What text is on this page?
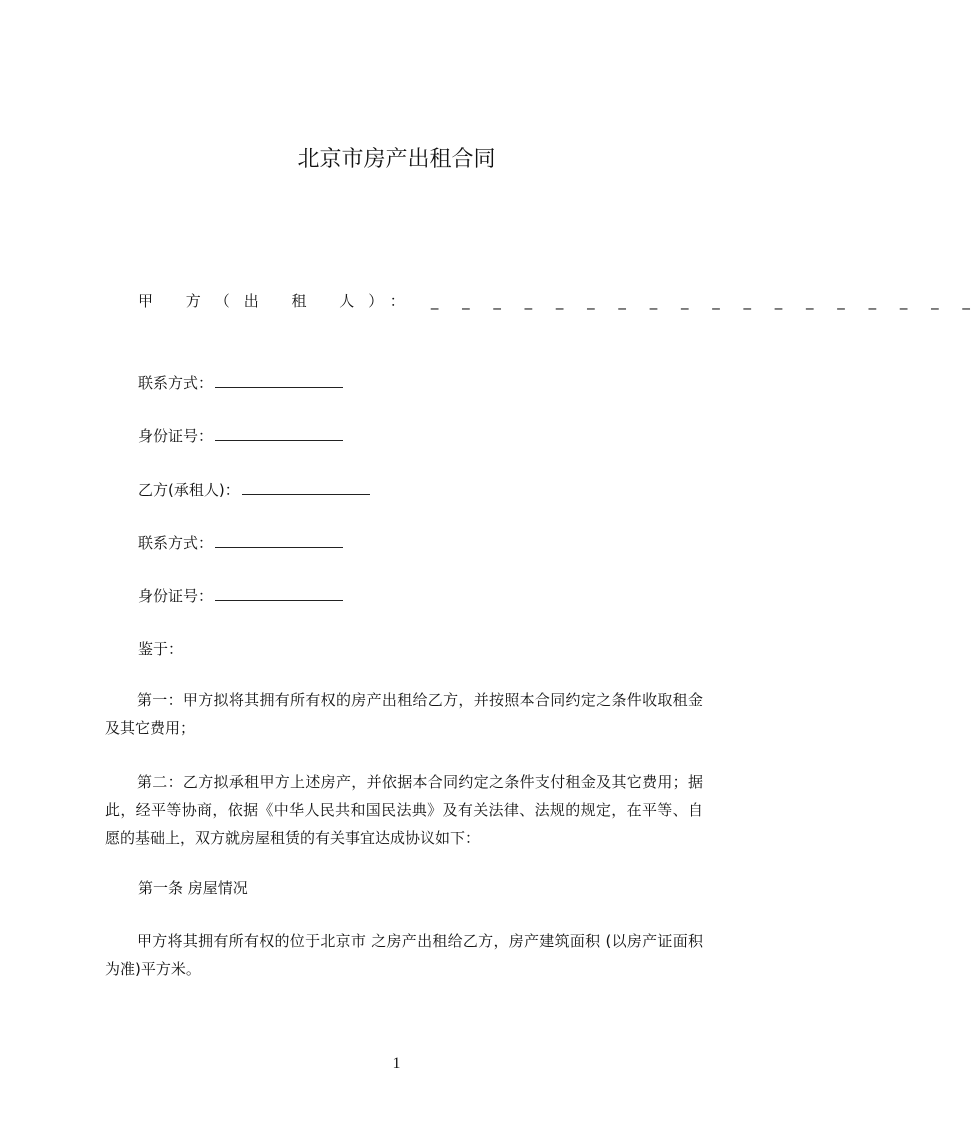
北京市房产出租合同
甲 方（出 租 人）： _ _ _ _ _ _ _ _ _ _ _ _ _ _ _ _ _ _
联系方式：
身份证号：
乙方(承租人)：
联系方式：
身份证号：
鉴于：
第一：甲方拟将其拥有所有权的房产出租给乙方，并按照本合同约定之条件收取租金及其它费用；
第二：乙方拟承租甲方上述房产，并依据本合同约定之条件支付租金及其它费用；据此，经平等协商，依据《中华人民共和国民法典》及有关法律、法规的规定，在平等、自愿的基础上，双方就房屋租赁的有关事宜达成协议如下：
第一条 房屋情况
甲方将其拥有所有权的位于北京市 之房产出租给乙方，房产建筑面积 (以房产证面积为准)平方米。
1
